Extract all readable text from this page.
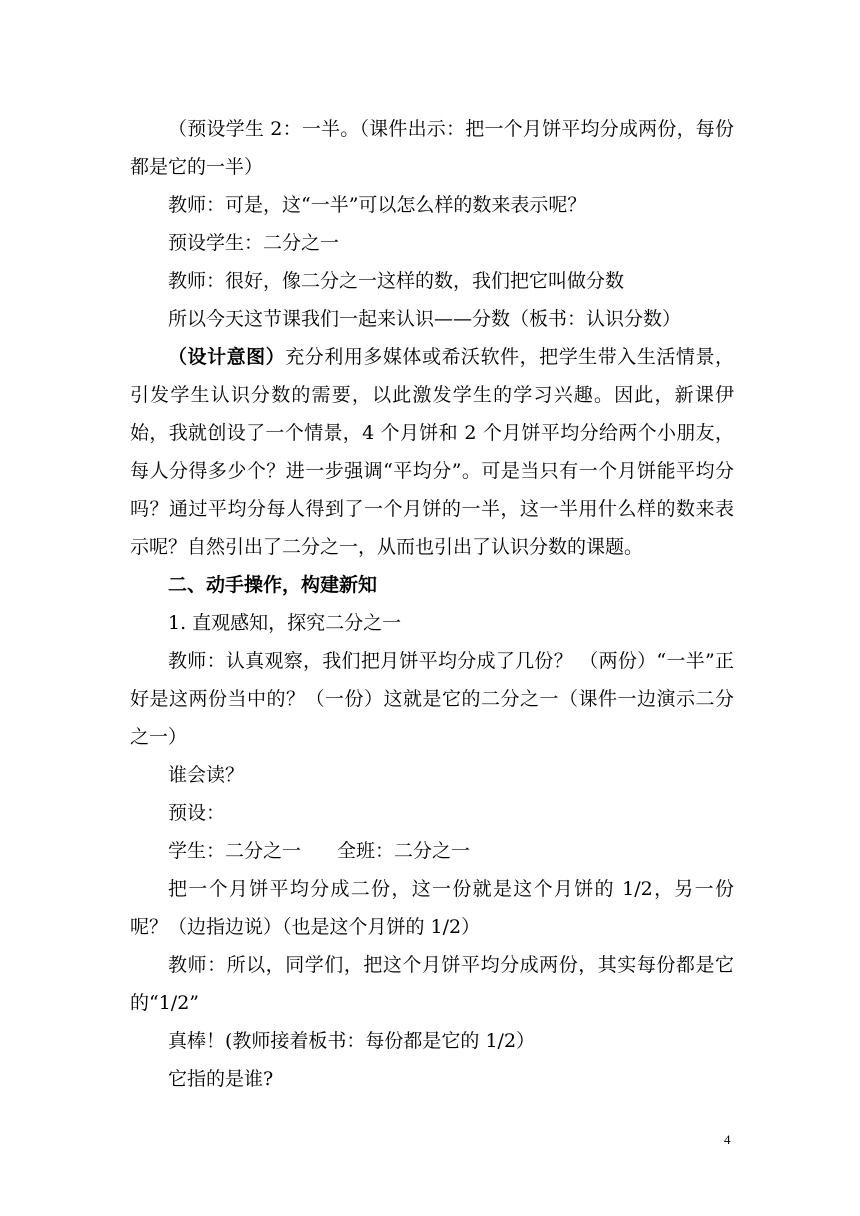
（预设学生 2：一半。（课件出示：把一个月饼平均分成两份，每份都是它的一半）

教师：可是，这“一半”可以怎么样的数来表示呢？

预设学生：二分之一

教师：很好，像二分之一这样的数，我们把它叫做分数

所以今天这节课我们一起来认识——分数（板书：认识分数）

（设计意图）充分利用多媒体或希沃软件，把学生带入生活情景，引发学生认识分数的需要，以此激发学生的学习兴趣。因此，新课伊始，我就创设了一个情景，4 个月饼和 2 个月饼平均分给两个小朋友，每人分得多少个？进一步强调“平均分”。可是当只有一个月饼能平均分吗？通过平均分每人得到了一个月饼的一半，这一半用什么样的数来表示呢？自然引出了二分之一，从而也引出了认识分数的课题。

二、动手操作，构建新知

1. 直观感知，探究二分之一

教师：认真观察，我们把月饼平均分成了几份？ （两份）“一半”正好是这两份当中的？（一份）这就是它的二分之一（课件一边演示二分之一）

谁会读？

预设：

学生：二分之一 全班：二分之一

把一个月饼平均分成二份，这一份就是这个月饼的 1/2，另一份呢？（边指边说）（也是这个月饼的 1/2）

教师：所以，同学们，把这个月饼平均分成两份，其实每份都是它的“1/2”

真棒！(教师接着板书：每份都是它的 1/2）

它指的是谁?

4
